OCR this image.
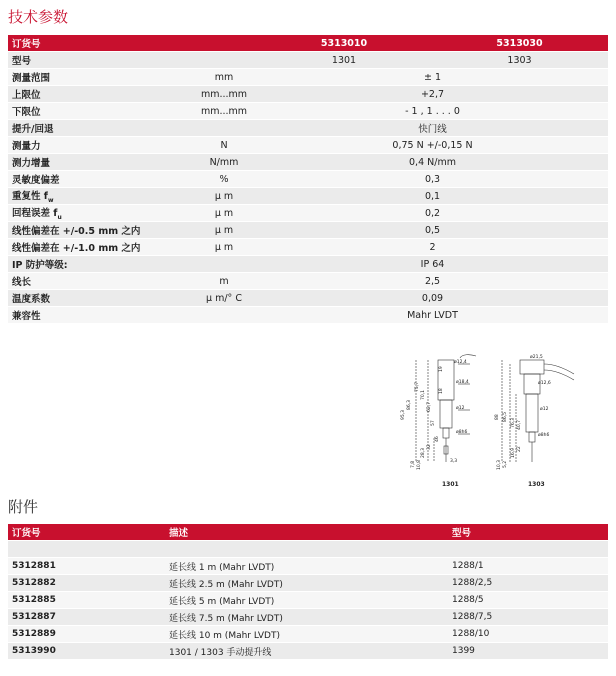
技术参数
订货号		5313010	5313030
型号		1301	1303
测量范围	mm	± 1	
上限位	mm...mm	+2,7	
下限位	mm...mm	- 1 , 1 . . . 0	
提升/回退		快门线	
测量力	N	0,75 N +/-0,15 N	
测力增量	N/mm	0,4 N/mm	
灵敏度偏差	%	0,3	
重复性 $f_w$	μ m	0,1	
回程误差 $f_u$	μ m	0,2	
线性偏差在 +/-0.5 mm 之内	μ m	0,5	
线性偏差在 +/-1.0 mm 之内	μ m	2	
IP 防护等级:		IP 64	
线长	m	2,5	
温度系数	μ m/° C	0,09	
兼容性		Mahr LVDT	
ø12,4
ø18,4
ø12
ø8h6
95,3
86,3
75,7
70,1
62,7
57
46
32
28,3
7,8 10,8
19
18
3,3
1301
ø21,5
ø12,6
ø12
ø8h6
88 86,5
76,3 40,7
22
16,9
5,2
10,3
1303
附件
订货号	描述	型号

5312881	延长线 1 m (Mahr LVDT)	1288/1
5312882	延长线 2.5 m (Mahr LVDT)	1288/2,5
5312885	延长线 5 m (Mahr LVDT)	1288/5
5312887	延长线 7.5 m (Mahr LVDT)	1288/7,5
5312889	延长线 10 m (Mahr LVDT)	1288/10
5313990	1301 / 1303 手动提升线	1399
